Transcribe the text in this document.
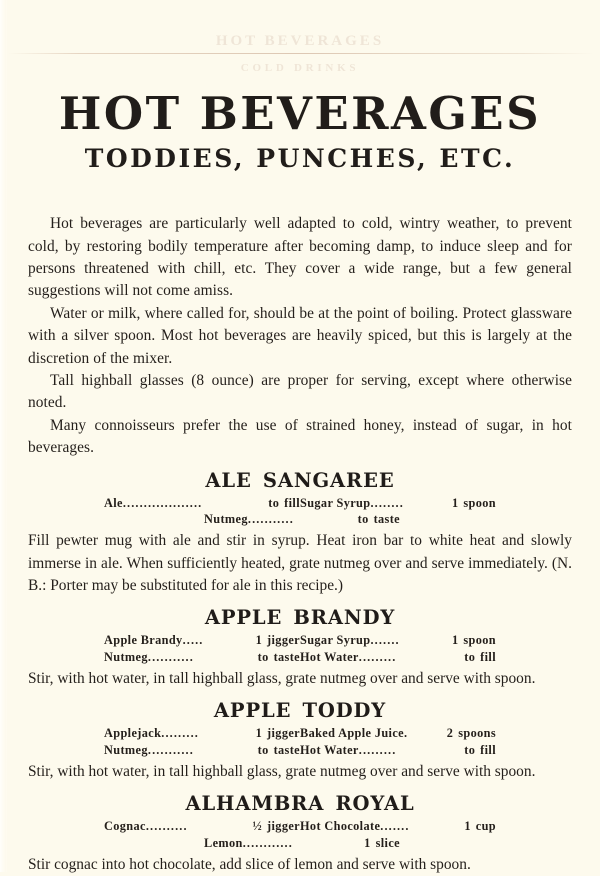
HOT BEVERAGES
TODDIES, PUNCHES, ETC.

Hot beverages are particularly well adapted to cold, wintry weather, to prevent cold, by restoring bodily temperature after becoming damp, to induce sleep and for persons threatened with chill, etc. They cover a wide range, but a few general suggestions will not come amiss.

Water or milk, where called for, should be at the point of boiling. Protect glassware with a silver spoon. Most hot beverages are heavily spiced, but this is largely at the discretion of the mixer.

Tall highball glasses (8 ounce) are proper for serving, except where otherwise noted.

Many connoisseurs prefer the use of strained honey, instead of sugar, in hot beverages.

ALE SANGAREE
Ale ...................	to fill Sugar Syrup ........	1 spoon
Nutmeg ...........	to taste

Fill pewter mug with ale and stir in syrup. Heat iron bar to white heat and slowly immerse in ale. When sufficiently heated, grate nutmeg over and serve immediately. (N. B.: Porter may be substituted for ale in this recipe.)

APPLE BRANDY
Apple Brandy .....	1 jigger Sugar Syrup .......	1 spoon
Nutmeg ...........	to taste Hot Water .........	to fill

Stir, with hot water, in tall highball glass, grate nutmeg over and serve with spoon.

APPLE TODDY
Applejack .........	1 jigger Baked Apple Juice .	2 spoons
Nutmeg ...........	to taste Hot Water .........	to fill

Stir, with hot water, in tall highball glass, grate nutmeg over and serve with spoon.

ALHAMBRA ROYAL
Cognac ..........	½ jigger Hot Chocolate .......	1 cup
Lemon ............	1 slice

Stir cognac into hot chocolate, add slice of lemon and serve with spoon.
